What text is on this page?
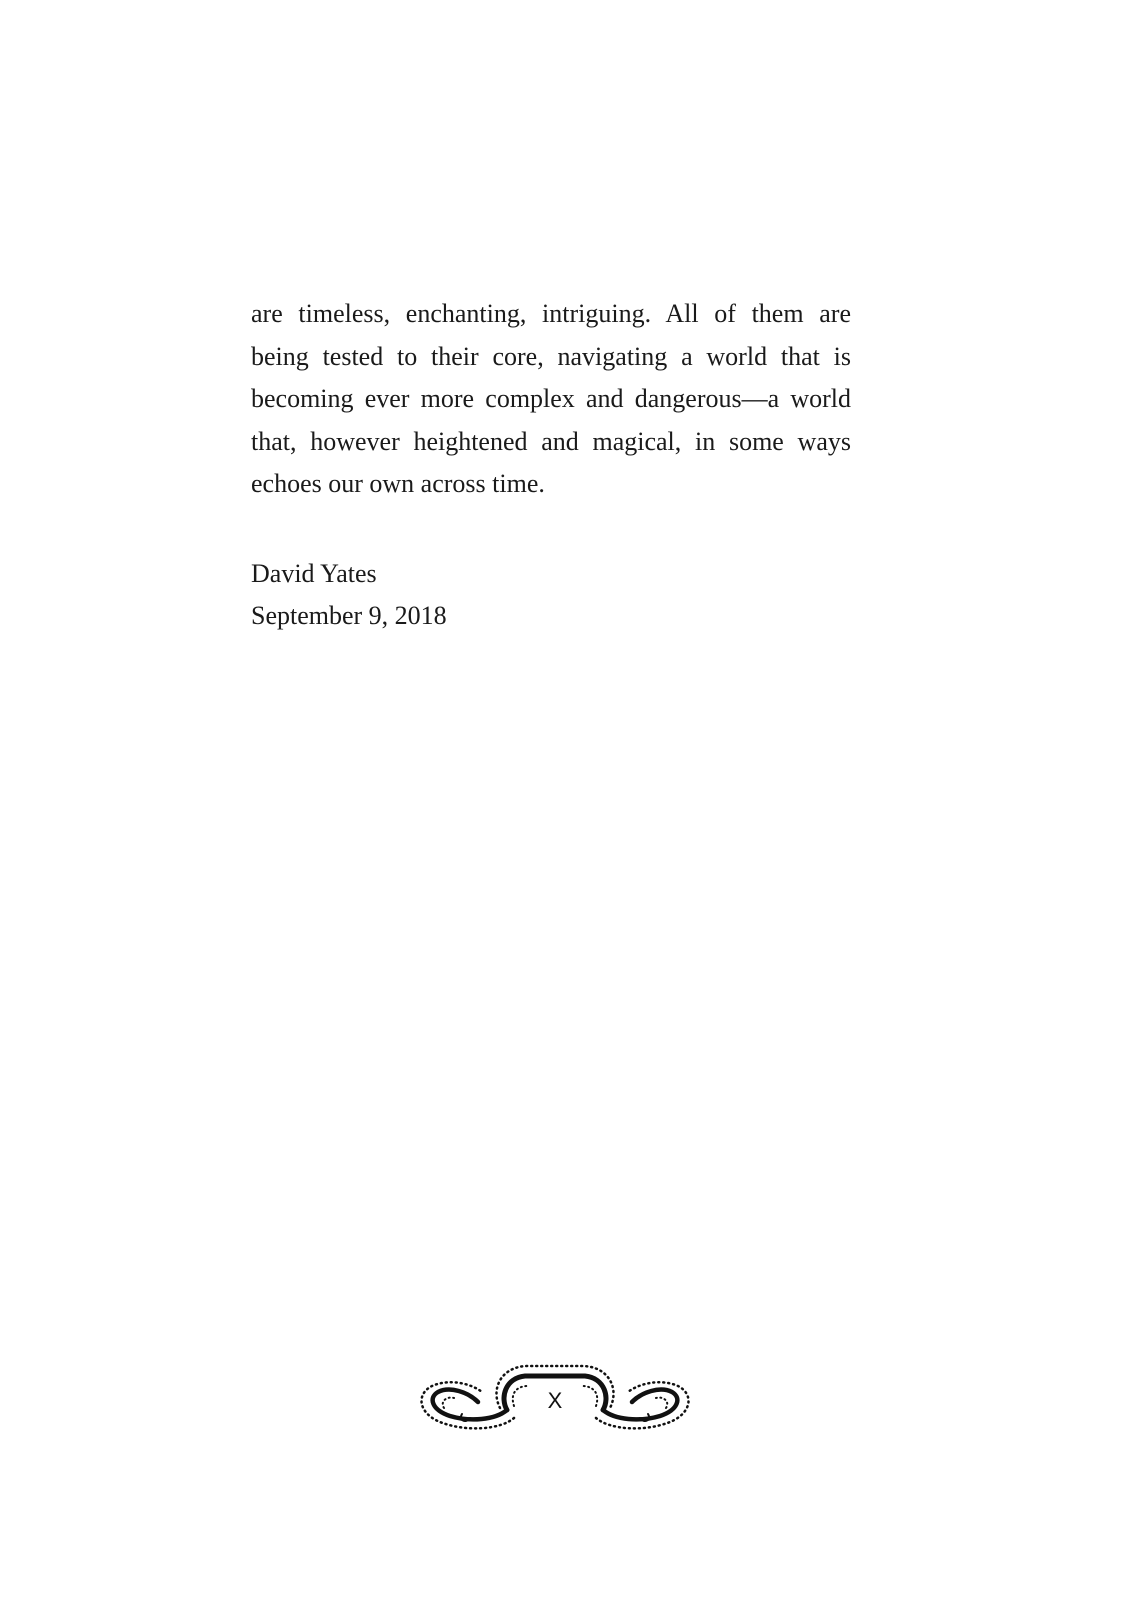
are timeless, enchanting, intriguing. All of them are
being tested to their core, navigating a world that is
becoming ever more complex and dangerous—a world
that, however heightened and magical, in some ways
echoes our own across time.
David Yates
September 9, 2018
X
